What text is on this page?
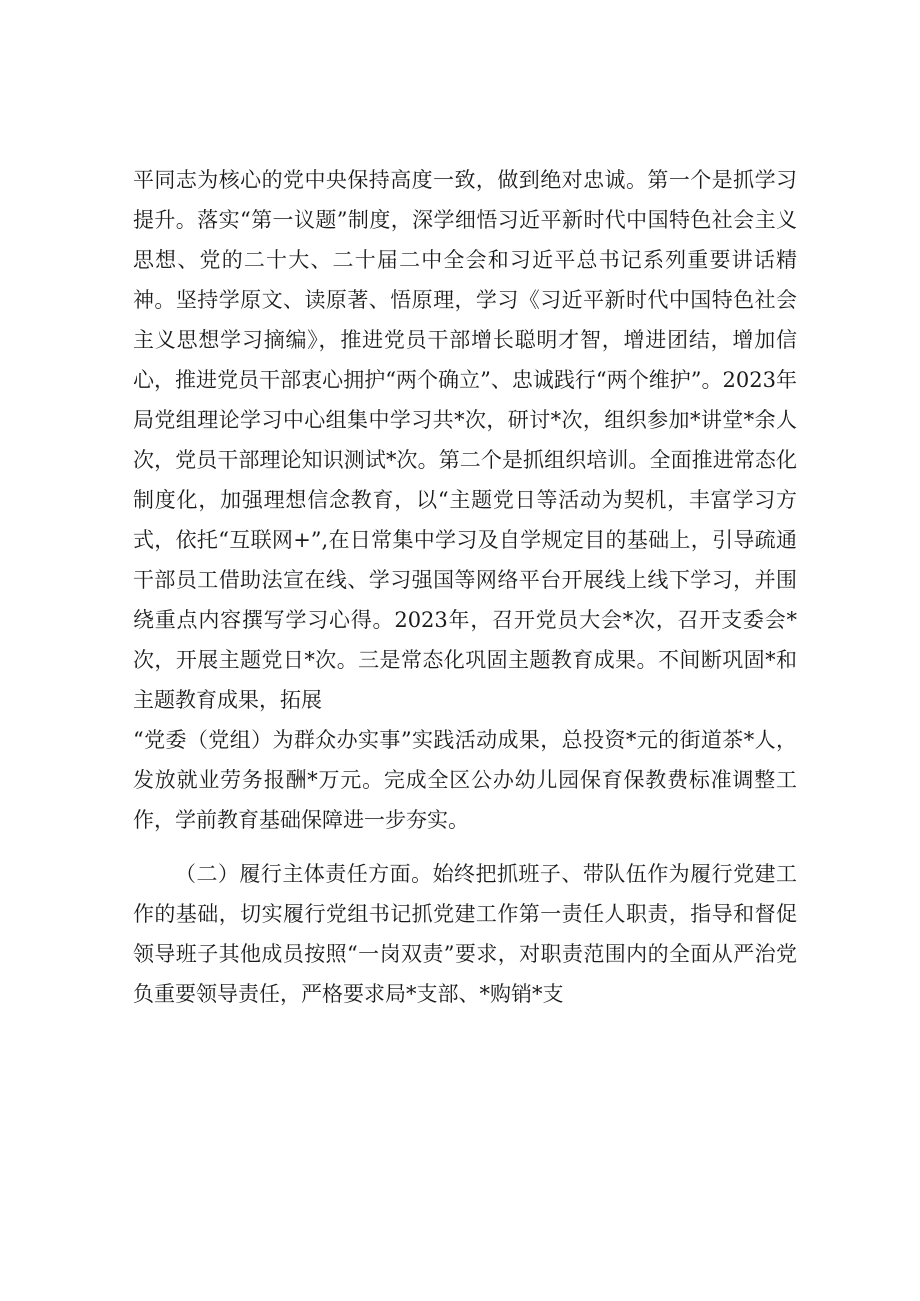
平同志为核心的党中央保持高度一致，做到绝对忠诚。第一个是抓学习提升。落实“第一议题”制度，深学细悟习近平新时代中国特色社会主义思想、党的二十大、二十届二中全会和习近平总书记系列重要讲话精神。坚持学原文、读原著、悟原理，学习《习近平新时代中国特色社会主义思想学习摘编》，推进党员干部增长聪明才智，增进团结，增加信心，推进党员干部衷心拥护“两个确立”、忠诚践行“两个维护”。2023年局党组理论学习中心组集中学习共*次，研讨*次，组织参加*讲堂*余人次，党员干部理论知识测试*次。第二个是抓组织培训。全面推进常态化制度化，加强理想信念教育，以“主题党日等活动为契机，丰富学习方式，依托“互联网+”,在日常集中学习及自学规定目的基础上，引导疏通干部员工借助法宣在线、学习强国等网络平台开展线上线下学习，并围绕重点内容撰写学习心得。2023年，召开党员大会*次，召开支委会*次，开展主题党日*次。三是常态化巩固主题教育成果。不间断巩固*和主题教育成果，拓展

“党委（党组）为群众办实事”实践活动成果，总投资*元的街道茶*人，发放就业劳务报酬*万元。完成全区公办幼儿园保育保教费标准调整工作，学前教育基础保障进一步夯实。

（二）履行主体责任方面。始终把抓班子、带队伍作为履行党建工作的基础，切实履行党组书记抓党建工作第一责任人职责，指导和督促领导班子其他成员按照“一岗双责”要求，对职责范围内的全面从严治党负重要领导责任，严格要求局*支部、*购销*支
